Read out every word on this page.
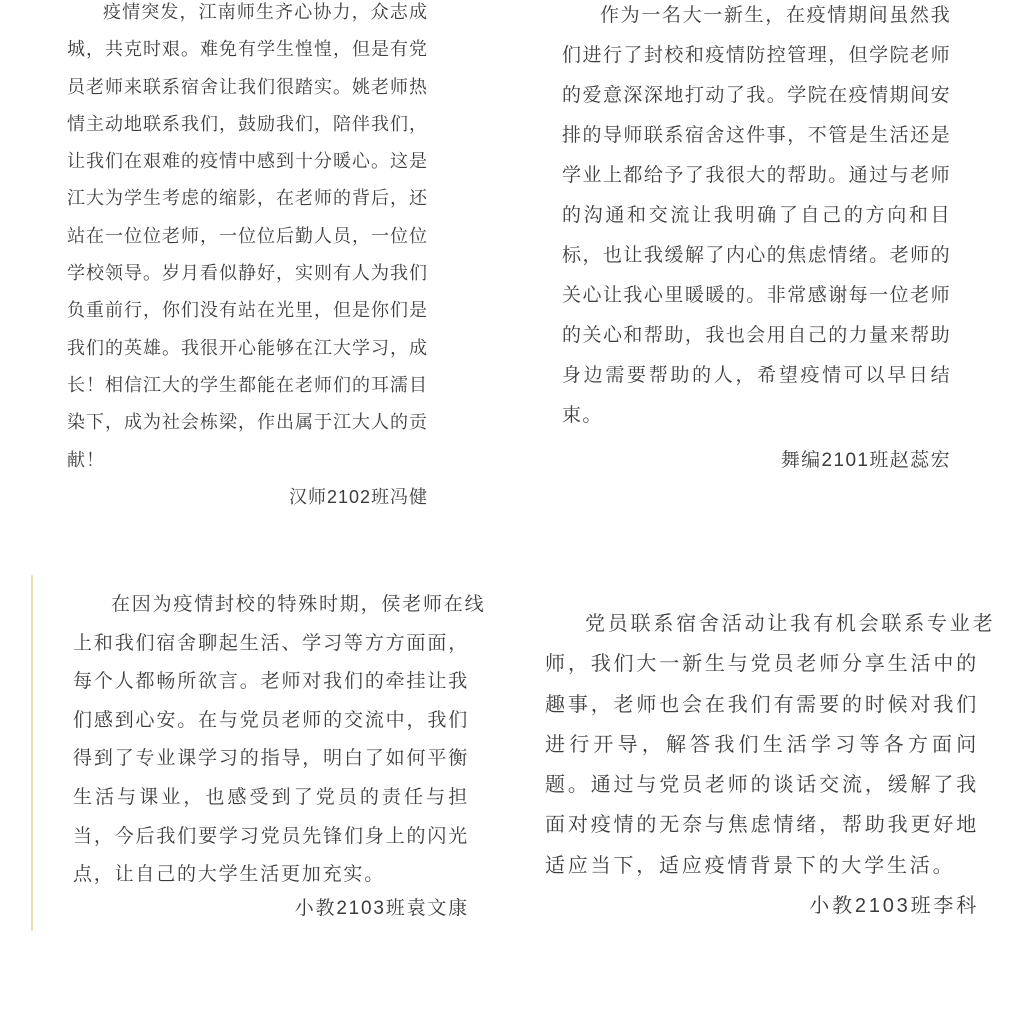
疫情突发，江南师生齐心协力，众志成
城，共克时艰。难免有学生惶惶，但是有党
员老师来联系宿舍让我们很踏实。姚老师热
情主动地联系我们，鼓励我们，陪伴我们，
让我们在艰难的疫情中感到十分暖心。这是
江大为学生考虑的缩影，在老师的背后，还
站在一位位老师，一位位后勤人员，一位位
学校领导。岁月看似静好，实则有人为我们
负重前行，你们没有站在光里，但是你们是
我们的英雄。我很开心能够在江大学习，成
长！相信江大的学生都能在老师们的耳濡目
染下，成为社会栋梁，作出属于江大人的贡
献！
汉师2102班冯健
作为一名大一新生，在疫情期间虽然我
们进行了封校和疫情防控管理，但学院老师
的爱意深深地打动了我。学院在疫情期间安
排的导师联系宿舍这件事，不管是生活还是
学业上都给予了我很大的帮助。通过与老师
的沟通和交流让我明确了自己的方向和目
标，也让我缓解了内心的焦虑情绪。老师的
关心让我心里暖暖的。非常感谢每一位老师
的关心和帮助，我也会用自己的力量来帮助
身边需要帮助的人，希望疫情可以早日结
束。
舞编2101班赵蕊宏
在因为疫情封校的特殊时期，侯老师在线
上和我们宿舍聊起生活、学习等方方面面，
每个人都畅所欲言。老师对我们的牵挂让我
们感到心安。在与党员老师的交流中，我们
得到了专业课学习的指导，明白了如何平衡
生活与课业，也感受到了党员的责任与担
当，今后我们要学习党员先锋们身上的闪光
点，让自己的大学生活更加充实。
小教2103班袁文康
党员联系宿舍活动让我有机会联系专业老
师，我们大一新生与党员老师分享生活中的
趣事，老师也会在我们有需要的时候对我们
进行开导，解答我们生活学习等各方面问
题。通过与党员老师的谈话交流，缓解了我
面对疫情的无奈与焦虑情绪，帮助我更好地
适应当下，适应疫情背景下的大学生活。
小教2103班李科
